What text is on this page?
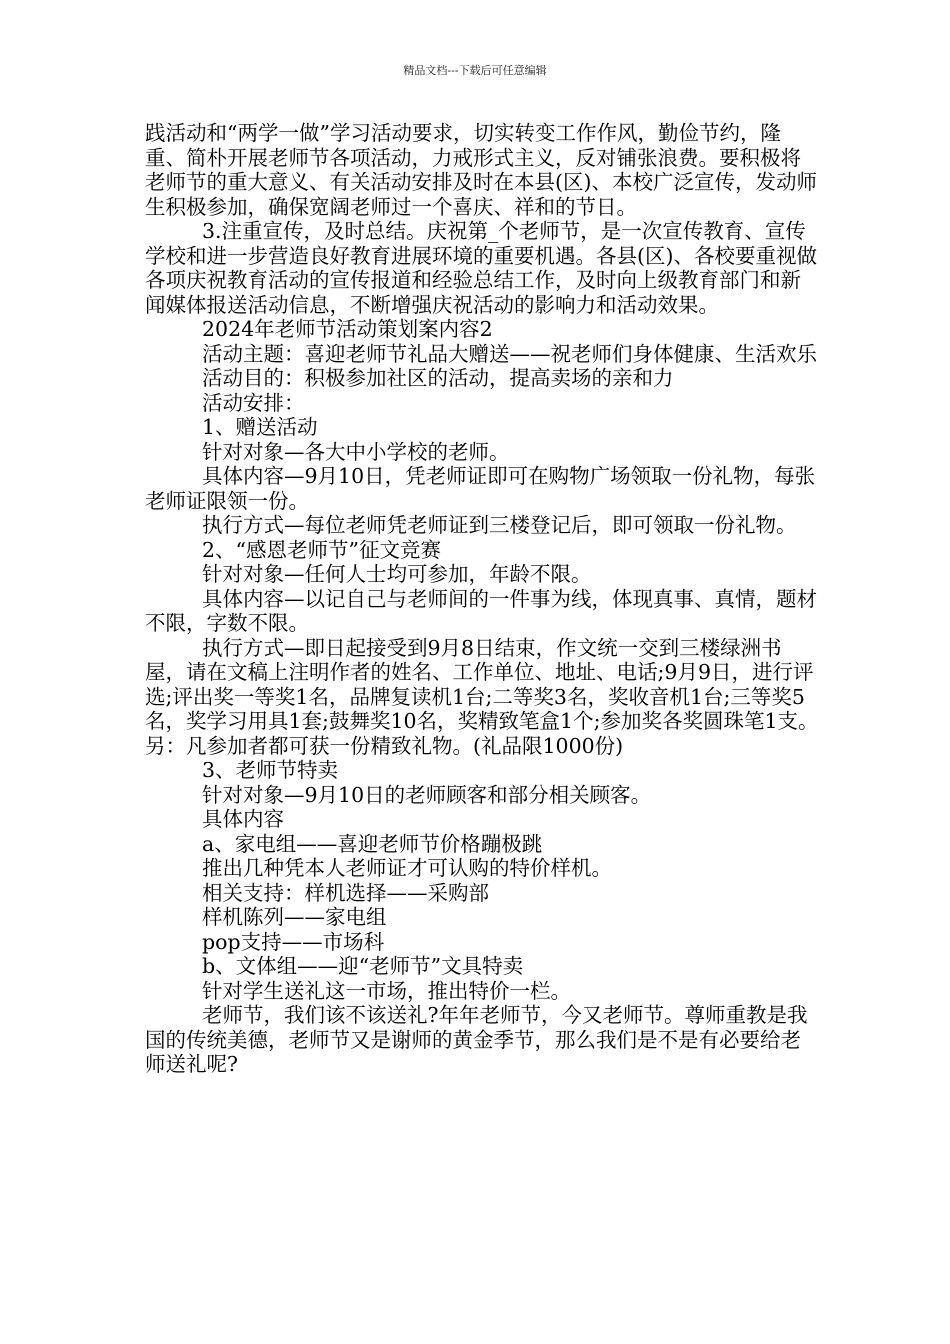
精品文档---下载后可任意编辑

践活动和“两学一做”学习活动要求，切实转变工作作风，勤俭节约，隆重、简朴开展老师节各项活动，力戒形式主义，反对铺张浪费。要积极将老师节的重大意义、有关活动安排及时在本县(区)、本校广泛宣传，发动师生积极参加，确保宽阔老师过一个喜庆、祥和的节日。

3.注重宣传，及时总结。庆祝第_个老师节，是一次宣传教育、宣传学校和进一步营造良好教育进展环境的重要机遇。各县(区)、各校要重视做各项庆祝教育活动的宣传报道和经验总结工作，及时向上级教育部门和新闻媒体报送活动信息，不断增强庆祝活动的影响力和活动效果。

2024年老师节活动策划案内容2

活动主题：喜迎老师节礼品大赠送——祝老师们身体健康、生活欢乐

活动目的：积极参加社区的活动，提高卖场的亲和力

活动安排：

1、赠送活动

针对对象—各大中小学校的老师。

具体内容—9月10日，凭老师证即可在购物广场领取一份礼物，每张老师证限领一份。

执行方式—每位老师凭老师证到三楼登记后，即可领取一份礼物。

2、“感恩老师节”征文竞赛

针对对象—任何人士均可参加，年龄不限。

具体内容—以记自己与老师间的一件事为线，体现真事、真情，题材不限，字数不限。

执行方式—即日起接受到9月8日结束，作文统一交到三楼绿洲书屋，请在文稿上注明作者的姓名、工作单位、地址、电话;9月9日，进行评选;评出奖一等奖1名，品牌复读机1台;二等奖3名，奖收音机1台;三等奖5名，奖学习用具1套;鼓舞奖10名，奖精致笔盒1个;参加奖各奖圆珠笔1支。另：凡参加者都可获一份精致礼物。(礼品限1000份)

3、老师节特卖

针对对象—9月10日的老师顾客和部分相关顾客。

具体内容

a、家电组——喜迎老师节价格蹦极跳

推出几种凭本人老师证才可认购的特价样机。

相关支持：样机选择——采购部

样机陈列——家电组

pop支持——市场科

b、文体组——迎“老师节”文具特卖

针对学生送礼这一市场，推出特价一栏。

老师节，我们该不该送礼?年年老师节，今又老师节。尊师重教是我国的传统美德，老师节又是谢师的黄金季节，那么我们是不是有必要给老师送礼呢?
